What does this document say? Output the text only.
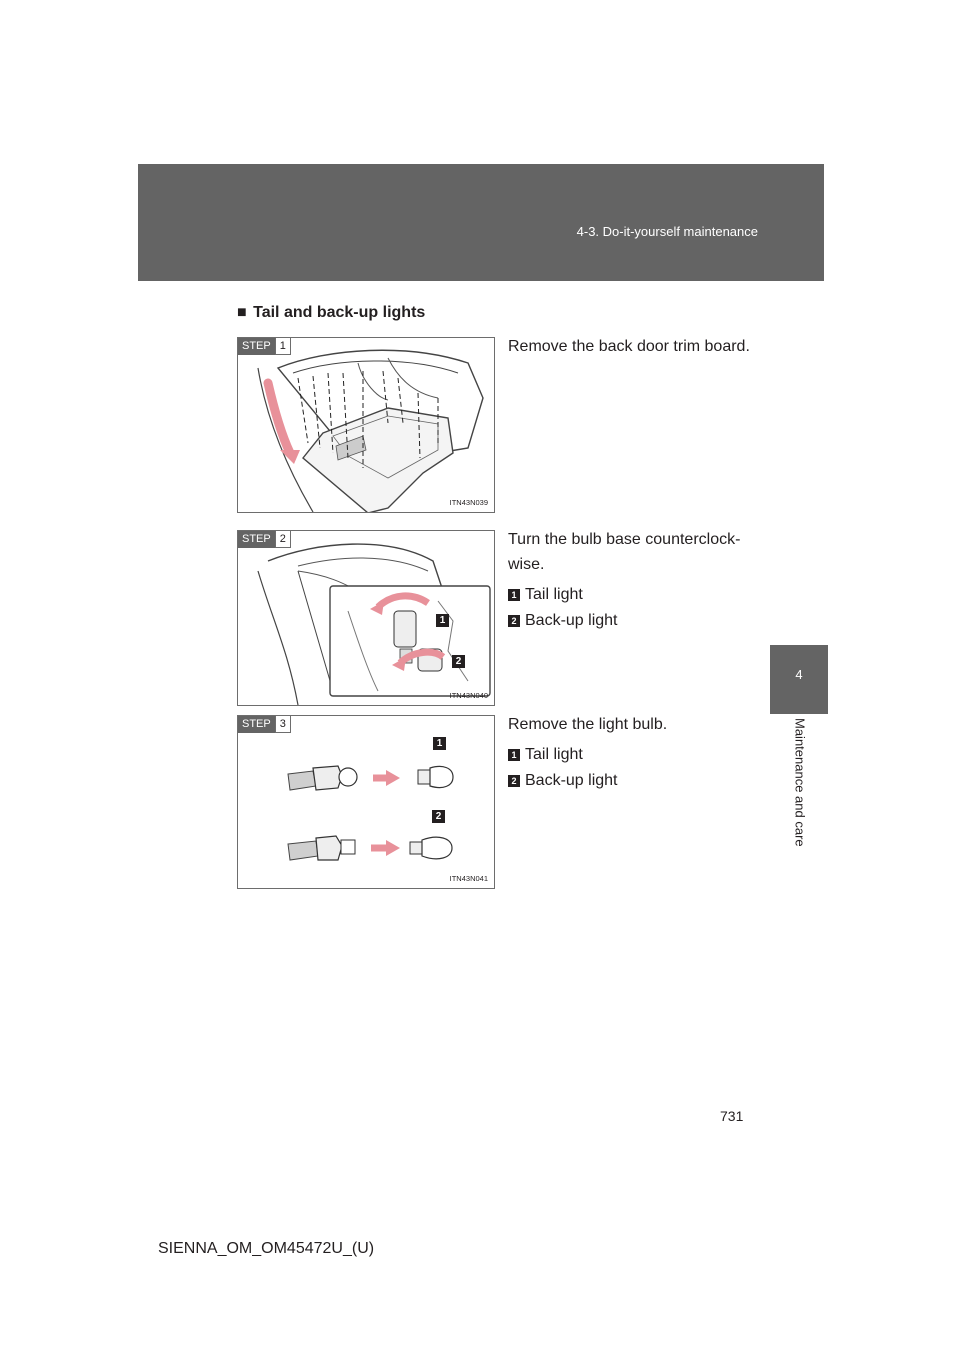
4-3. Do-it-yourself maintenance
4
Maintenance and care
■ Tail and back-up lights
STEP 1
ITN43N039

Remove the back door trim board.

STEP 2
1
2
ITN43N040

Turn the bulb base counterclock-wise.

1 Tail light
2 Back-up light
STEP 3
1
2
ITN43N041

Remove the light bulb.

1 Tail light
2 Back-up light
731
SIENNA_OM_OM45472U_(U)
